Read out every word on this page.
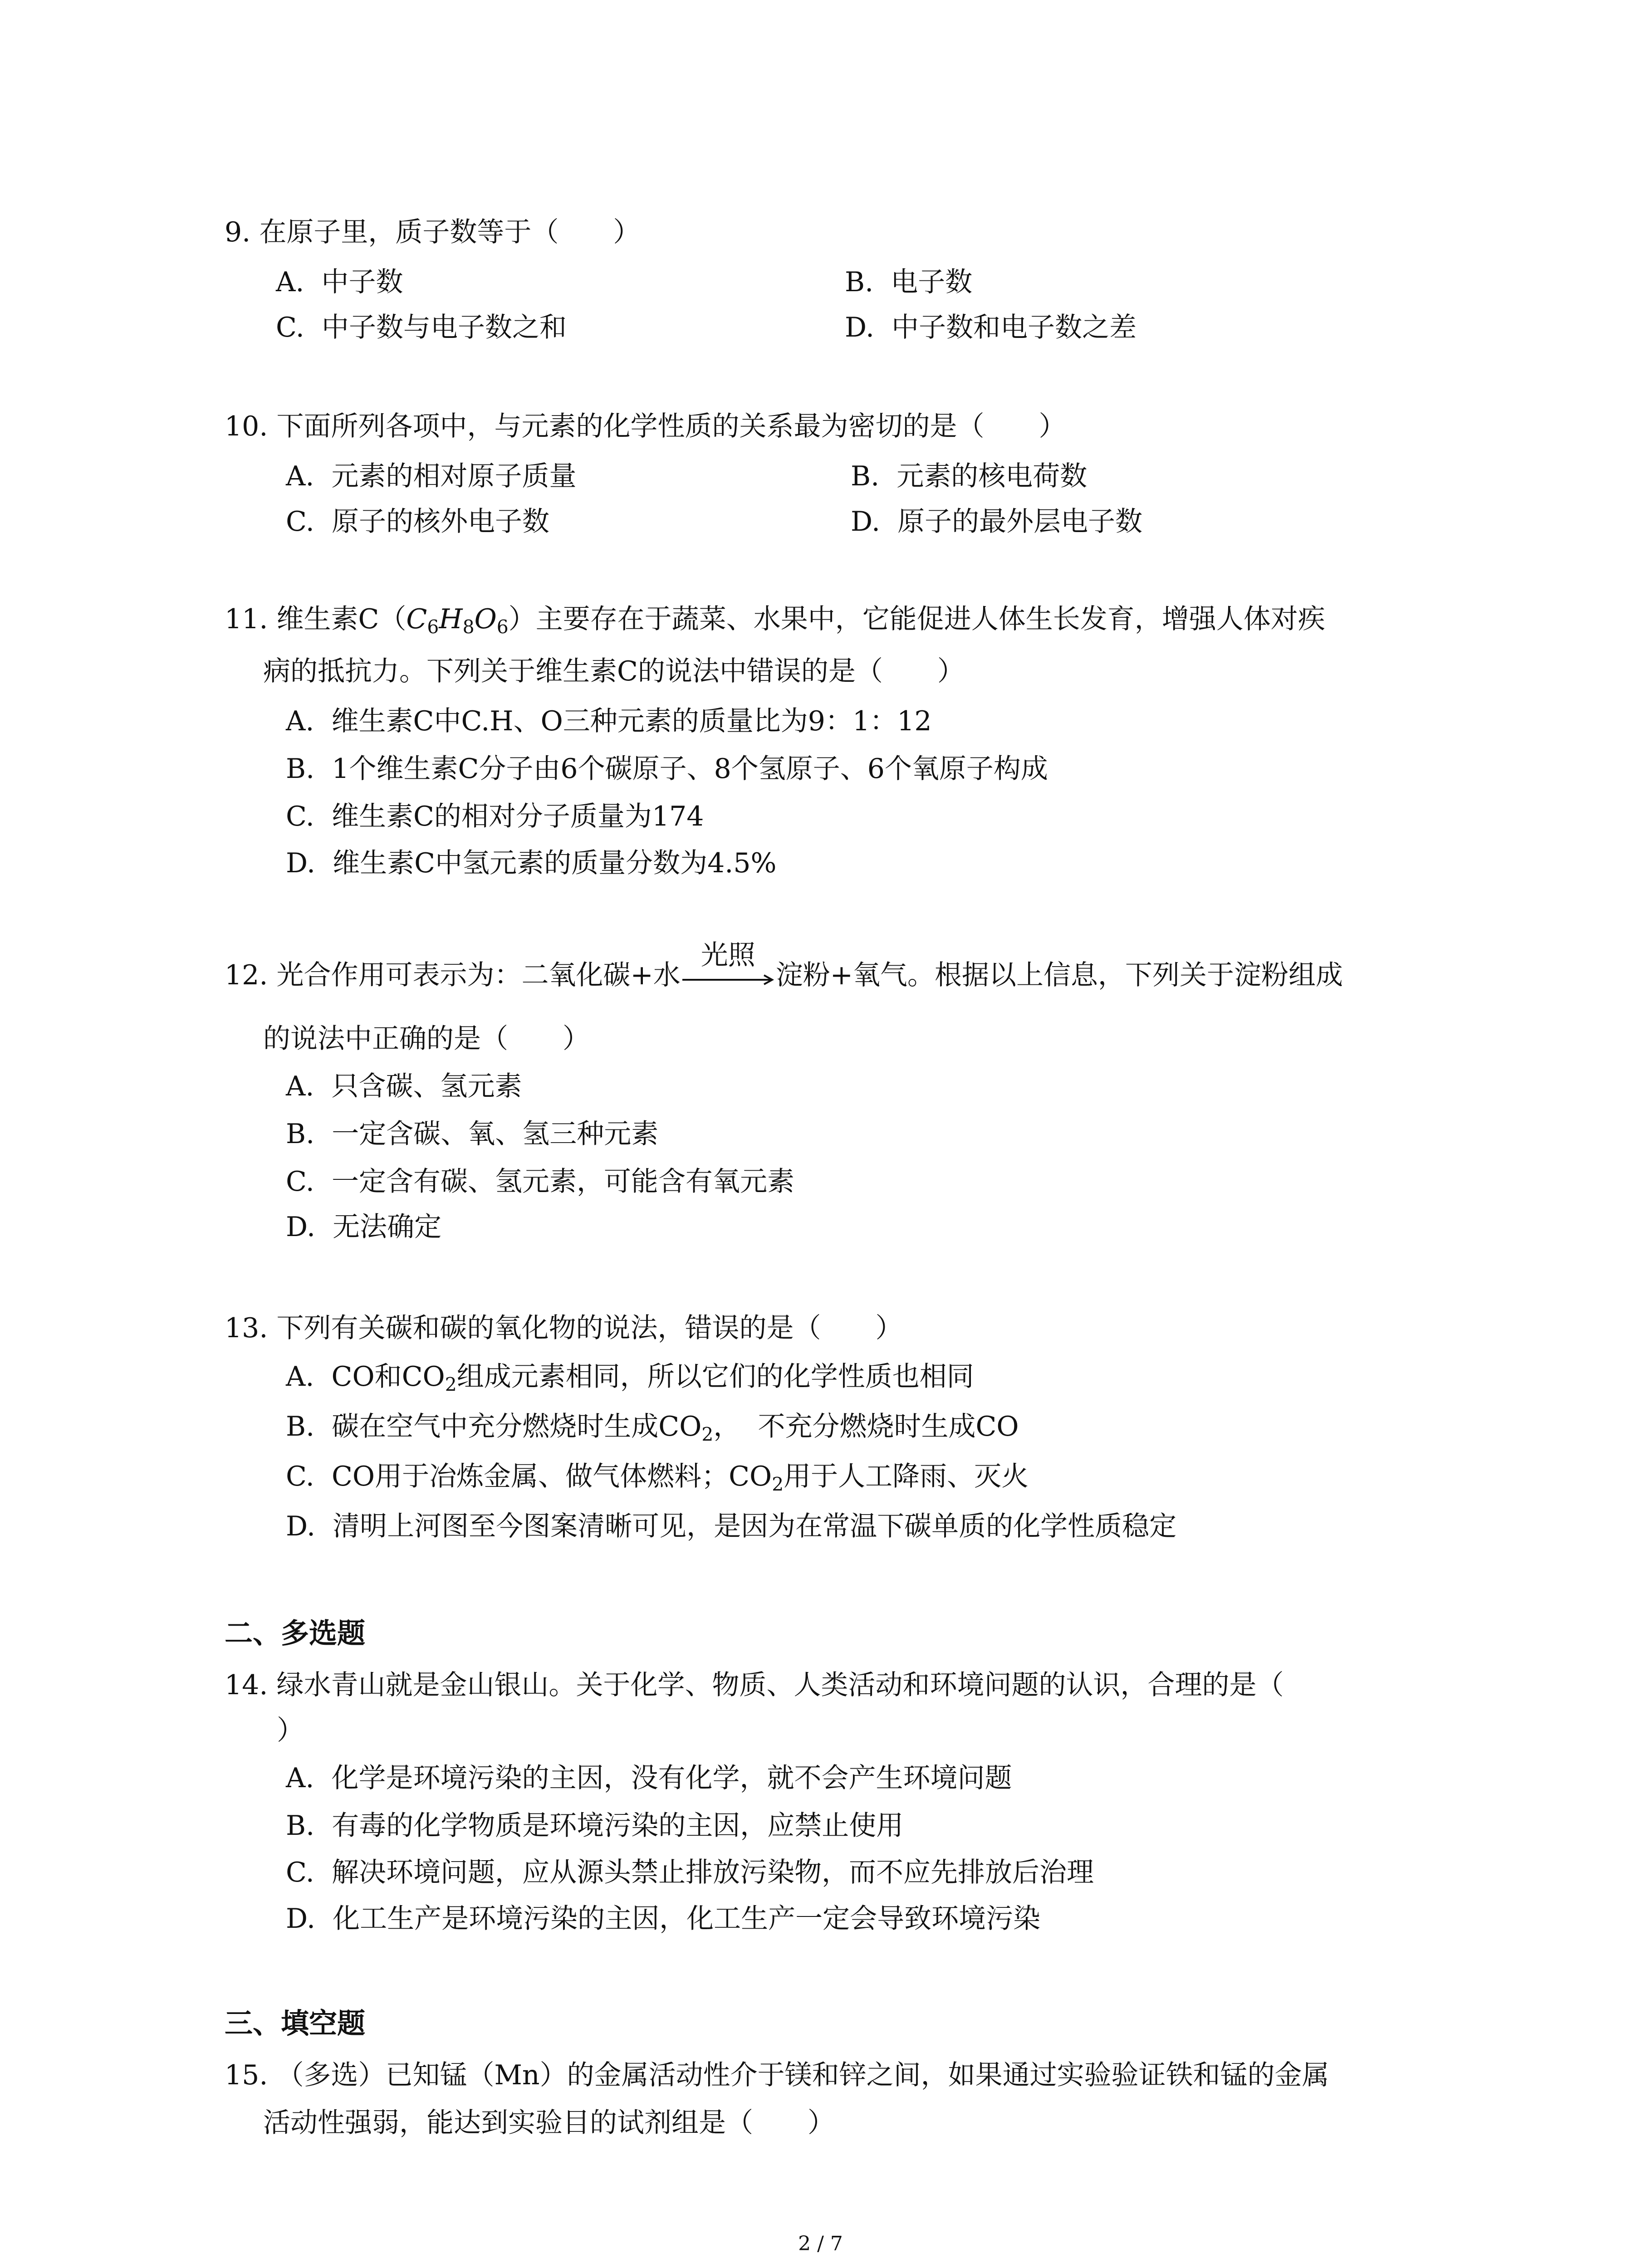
9. 在原子里，质子数等于（　　）
A.  中子数	B.  电子数
C.  中子数与电子数之和	D.  中子数和电子数之差
10. 下面所列各项中，与元素的化学性质的关系最为密切的是（　　）
A.  元素的相对原子质量	B.  元素的核电荷数
C.  原子的核外电子数	D.  原子的最外层电子数
11. 维生素$C(C_6H_8O_6)$主要存在于蔬菜、水果中，它能促进人体生长发育，增强人体对疾
病的抵抗力。下列关于维生素C的说法中错误的是（　　）
A.  维生素C中C.H、O三种元素的质量比为9：1：12
B.  1个维生素C分子由6个碳原子、8个氢原子、6个氧原子构成
C.  维生素C的相对分子质量为174
D.  维生素C中氢元素的质量分数为4.5%
12. 光合作用可表示为：二氧化碳+水
光照
淀粉+氧气。根据以上信息，下列关于淀粉组成
的说法中正确的是（　　）
A.  只含碳、氢元素
B.  一定含碳、氧、氢三种元素
C.  一定含有碳、氢元素，可能含有氧元素
D.  无法确定
13. 下列有关碳和碳的氧化物的说法，错误的是（　　）
A.  CO和$CO_2$组成元素相同，所以它们的化学性质也相同
B.  碳在空气中充分燃烧时生成$CO_2$，  不充分燃烧时生成CO
C.  CO用于冶炼金属、做气体燃料；$CO_2$用于人工降雨、灭火
D.  清明上河图至今图案清晰可见，是因为在常温下碳单质的化学性质稳定
二、多选题
14. 绿水青山就是金山银山。关于化学、物质、人类活动和环境问题的认识，合理的是（
）
A.  化学是环境污染的主因，没有化学，就不会产生环境问题
B.  有毒的化学物质是环境污染的主因，应禁止使用
C.  解决环境问题，应从源头禁止排放污染物，而不应先排放后治理
D.  化工生产是环境污染的主因，化工生产一定会导致环境污染
三、填空题
15. （多选）已知锰（Mn）的金属活动性介于镁和锌之间，如果通过实验验证铁和锰的金属
活动性强弱，能达到实验目的试剂组是（　　）
2 / 7
